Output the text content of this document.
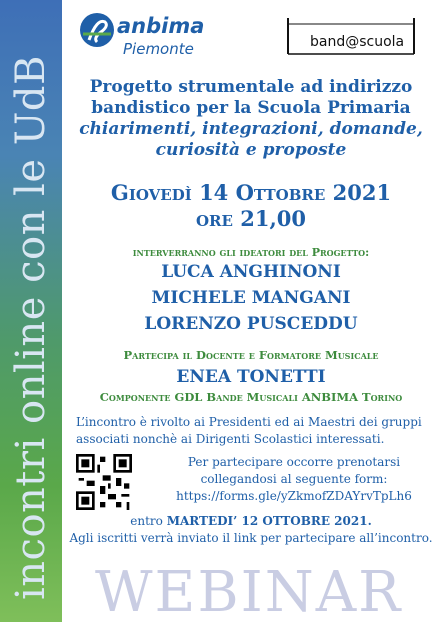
incontri online con le UdB WEBINAR
anbima
Piemonte	band@scuola
Progetto strumentale ad indirizzo
bandistico per la Scuola Primaria
chiarimenti, integrazioni, domande,
curiosità e proposte
Giovedì 14 Ottobre 2021
ore 21,00
interverranno gli ideatori del Progetto:
LUCA ANGHINONI
MICHELE MANGANI
LORENZO PUSCEDDU
Partecipa il Docente e Formatore Musicale
ENEA TONETTI
Componente GDL Bande Musicali ANBIMA Torino
L’incontro è rivolto ai Presidenti ed ai Maestri dei gruppi associati nonchè ai Dirigenti Scolastici interessati.
Per partecipare occorre prenotarsi
collegandosi al seguente form:
https://forms.gle/yZkmofZDAYrvTpLh6
entro MARTEDI’ 12 OTTOBRE 2021.
Agli iscritti verrà inviato il link per partecipare all’incontro.
